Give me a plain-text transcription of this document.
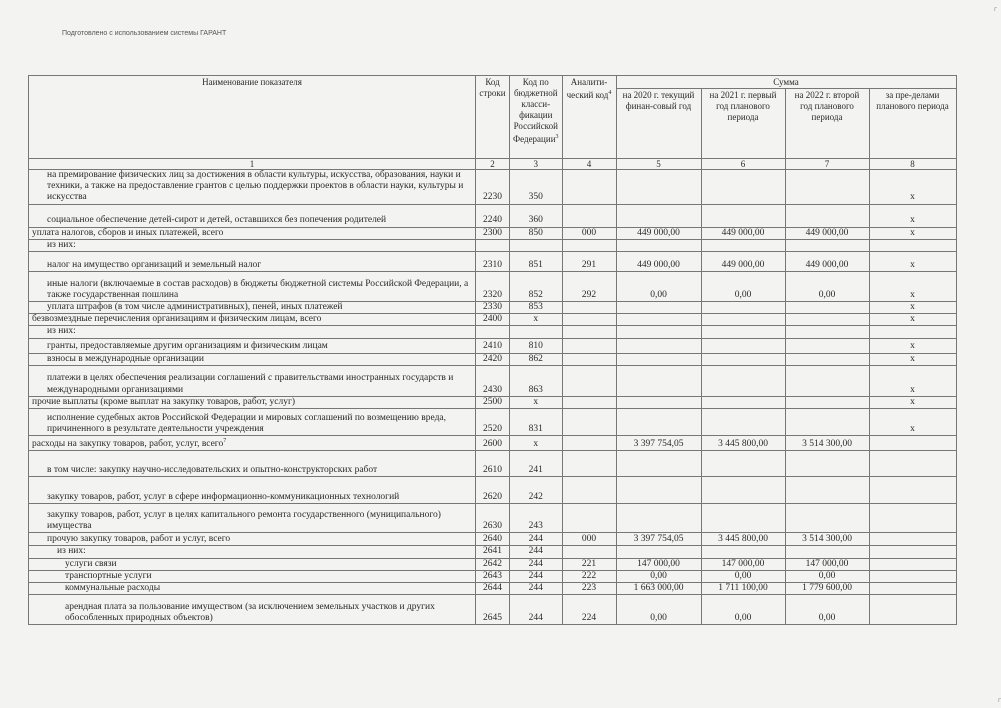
Подготовлено с использованием системы ГАРАНТ
г
г
Наименование показателя	Код строки	Код по бюджетной класси-фикации Российской Федерации$^3$	Аналити-ческий код$^4$	Сумма			
				на 2020 г. текущий финан-совый год	на 2021 г. первый год планового периода	на 2022 г. второй год планового периода	за пре-делами планового периода
1	2	3	4	5	6	7	8
на премирование физических лиц за достижения в области культуры, искусства, образования, науки и техники, а также на предоставление грантов с целью поддержки проектов в области науки, культуры и искусства	2230	350					х
социальное обеспечение детей-сирот и детей, оставшихся без попечения родителей	2240	360					х
уплата налогов, сборов и иных платежей, всего	2300	850	000	449 000,00	449 000,00	449 000,00	х
из них:							
налог на имущество организаций и земельный налог	2310	851	291	449 000,00	449 000,00	449 000,00	х
иные налоги (включаемые в состав расходов) в бюджеты бюджетной системы Российской Федерации, а также государственная пошлина	2320	852	292	0,00	0,00	0,00	х
уплата штрафов (в том числе административных), пеней, иных платежей	2330	853					х
безвозмездные перечисления организациям и физическим лицам, всего	2400	х					х
из них:							
гранты, предоставляемые другим организациям и физическим лицам	2410	810					х
взносы в международные организации	2420	862					х
платежи в целях обеспечения реализации соглашений с правительствами иностранных государств и международными организациями	2430	863					х
прочие выплаты (кроме выплат на закупку товаров, работ, услуг)	2500	х					х
исполнение судебных актов Российской Федерации и мировых соглашений по возмещению вреда, причиненного в результате деятельности учреждения	2520	831					х
расходы на закупку товаров, работ, услуг, всего$^7$	2600	х		3 397 754,05	3 445 800,00	3 514 300,00	
в том числе: закупку научно-исследовательских и опытно-конструкторских работ	2610	241					
закупку товаров, работ, услуг в сфере информационно-коммуникационных технологий	2620	242					
закупку товаров, работ, услуг в целях капитального ремонта государственного (муниципального) имущества	2630	243					
прочую закупку товаров, работ и услуг, всего	2640	244	000	3 397 754,05	3 445 800,00	3 514 300,00	
из них:	2641	244					
услуги связи	2642	244	221	147 000,00	147 000,00	147 000,00	
транспортные услуги	2643	244	222	0,00	0,00	0,00	
коммунальные расходы	2644	244	223	1 663 000,00	1 711 100,00	1 779 600,00	
арендная плата за пользование имуществом (за исключением земельных участков и других обособленных природных объектов)	2645	244	224	0,00	0,00	0,00	
